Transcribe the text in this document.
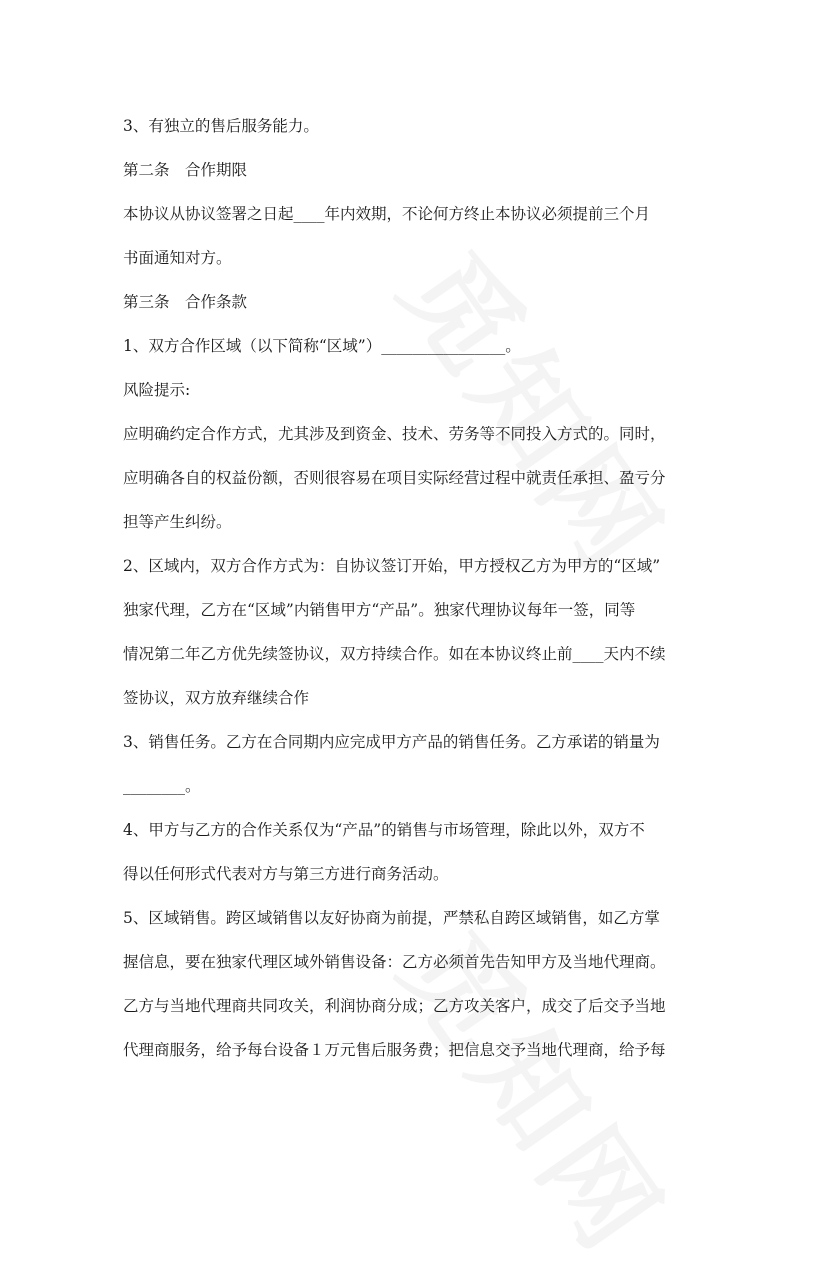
3、有独立的售后服务能力。
第二条　合作期限
本协议从协议签署之日起____年内效期，不论何方终止本协议必须提前三个月
书面通知对方。
第三条　合作条款
1、双方合作区域（以下简称“区域”）________________。
风险提示:
应明确约定合作方式，尤其涉及到资金、技术、劳务等不同投入方式的。同时，
应明确各自的权益份额，否则很容易在项目实际经营过程中就责任承担、盈亏分
担等产生纠纷。
2、区域内，双方合作方式为：自协议签订开始，甲方授权乙方为甲方的“区域”
独家代理，乙方在“区域”内销售甲方“产品”。独家代理协议每年一签，同等
情况第二年乙方优先续签协议，双方持续合作。如在本协议终止前____天内不续
签协议，双方放弃继续合作
3、销售任务。乙方在合同期内应完成甲方产品的销售任务。乙方承诺的销量为
________。
4、甲方与乙方的合作关系仅为“产品”的销售与市场管理，除此以外，双方不
得以任何形式代表对方与第三方进行商务活动。
5、区域销售。跨区域销售以友好协商为前提，严禁私自跨区域销售，如乙方掌
握信息，要在独家代理区域外销售设备：乙方必须首先告知甲方及当地代理商。
乙方与当地代理商共同攻关，利润协商分成；乙方攻关客户，成交了后交予当地
代理商服务，给予每台设备１万元售后服务费；把信息交予当地代理商，给予每
